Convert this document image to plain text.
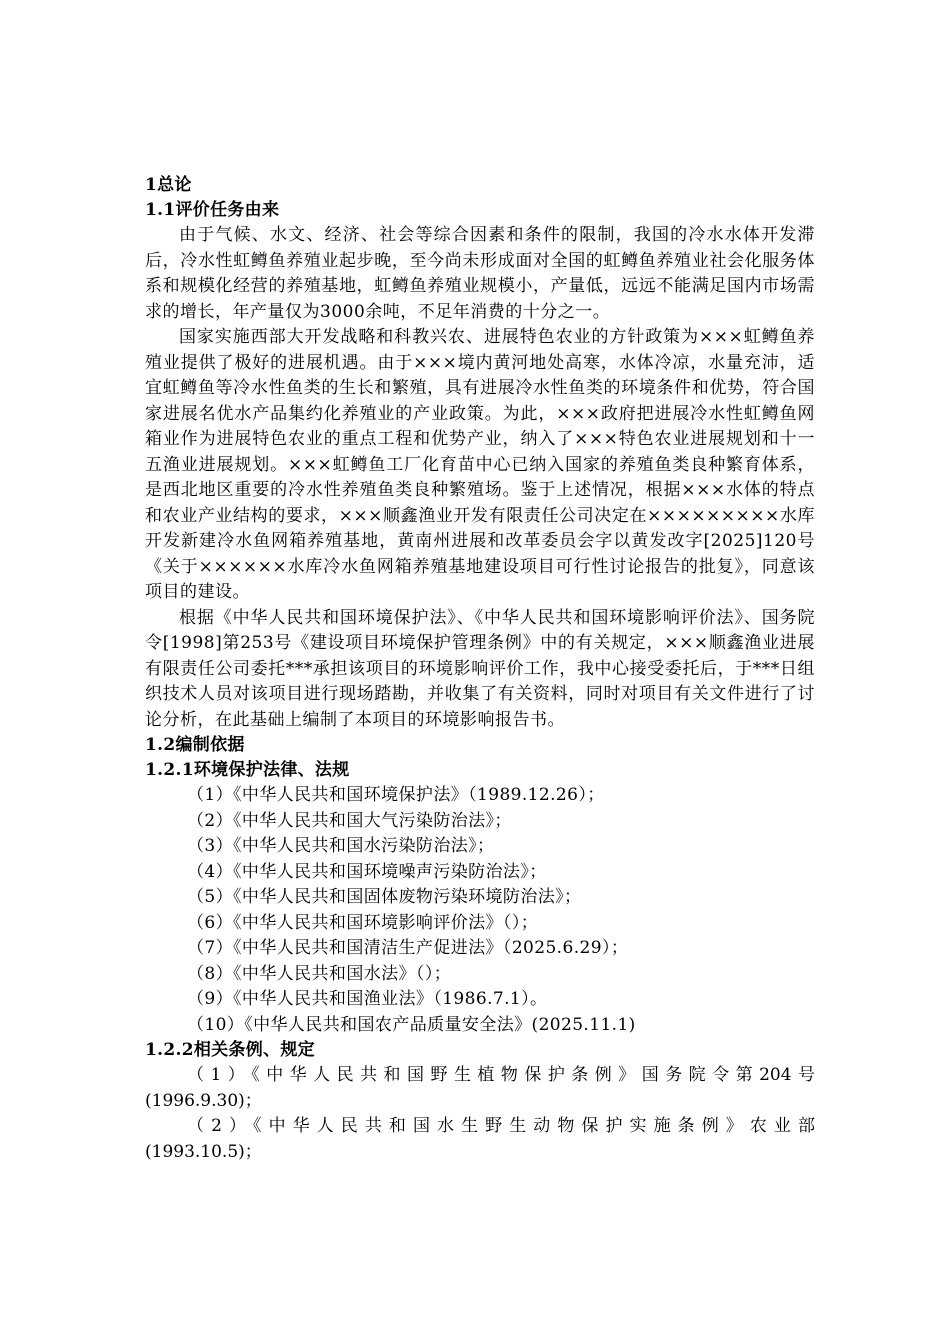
1总论

1.1评价任务由来

由于气候、水文、经济、社会等综合因素和条件的限制，我国的冷水水体开发滞后，冷水性虹鳟鱼养殖业起步晚，至今尚未形成面对全国的虹鳟鱼养殖业社会化服务体系和规模化经营的养殖基地，虹鳟鱼养殖业规模小，产量低，远远不能满足国内市场需求的增长，年产量仅为3000余吨，不足年消费的十分之一。

国家实施西部大开发战略和科教兴农、进展特色农业的方针政策为×××虹鳟鱼养殖业提供了极好的进展机遇。由于×××境内黄河地处高寒，水体冷凉，水量充沛，适宜虹鳟鱼等冷水性鱼类的生长和繁殖，具有进展冷水性鱼类的环境条件和优势，符合国家进展名优水产品集约化养殖业的产业政策。为此，×××政府把进展冷水性虹鳟鱼网箱业作为进展特色农业的重点工程和优势产业，纳入了×××特色农业进展规划和十一五渔业进展规划。×××虹鳟鱼工厂化育苗中心已纳入国家的养殖鱼类良种繁育体系，是西北地区重要的冷水性养殖鱼类良种繁殖场。鉴于上述情况，根据×××水体的特点和农业产业结构的要求，×××顺鑫渔业开发有限责任公司决定在×××××××××水库开发新建冷水鱼网箱养殖基地，黄南州进展和改革委员会字以黄发改字[2025]120号《关于××××××水库冷水鱼网箱养殖基地建设项目可行性讨论报告的批复》，同意该项目的建设。

根据《中华人民共和国环境保护法》、《中华人民共和国环境影响评价法》、国务院令[1998]第253号《建设项目环境保护管理条例》中的有关规定，×××顺鑫渔业进展有限责任公司委托***承担该项目的环境影响评价工作，我中心接受委托后，于***日组织技术人员对该项目进行现场踏勘，并收集了有关资料，同时对项目有关文件进行了讨论分析，在此基础上编制了本项目的环境影响报告书。

1.2编制依据

1.2.1环境保护法律、法规

（1）《中华人民共和国环境保护法》（1989.12.26）；

（2）《中华人民共和国大气污染防治法》；

（3）《中华人民共和国水污染防治法》；

（4）《中华人民共和国环境噪声污染防治法》；

（5）《中华人民共和国固体废物污染环境防治法》；

（6）《中华人民共和国环境影响评价法》（）；

（7）《中华人民共和国清洁生产促进法》（2025.6.29）；

（8）《中华人民共和国水法》（）；

（9）《中华人民共和国渔业法》（1986.7.1）。

（10）《中华人民共和国农产品质量安全法》(2025.11.1)

1.2.2相关条例、规定

（1）《中华人民共和国野生植物保护条例》国务院令第204号
(1996.9.30)；
（2）《中华人民共和国水生野生动物保护实施条例》农业部
(1993.10.5)；
